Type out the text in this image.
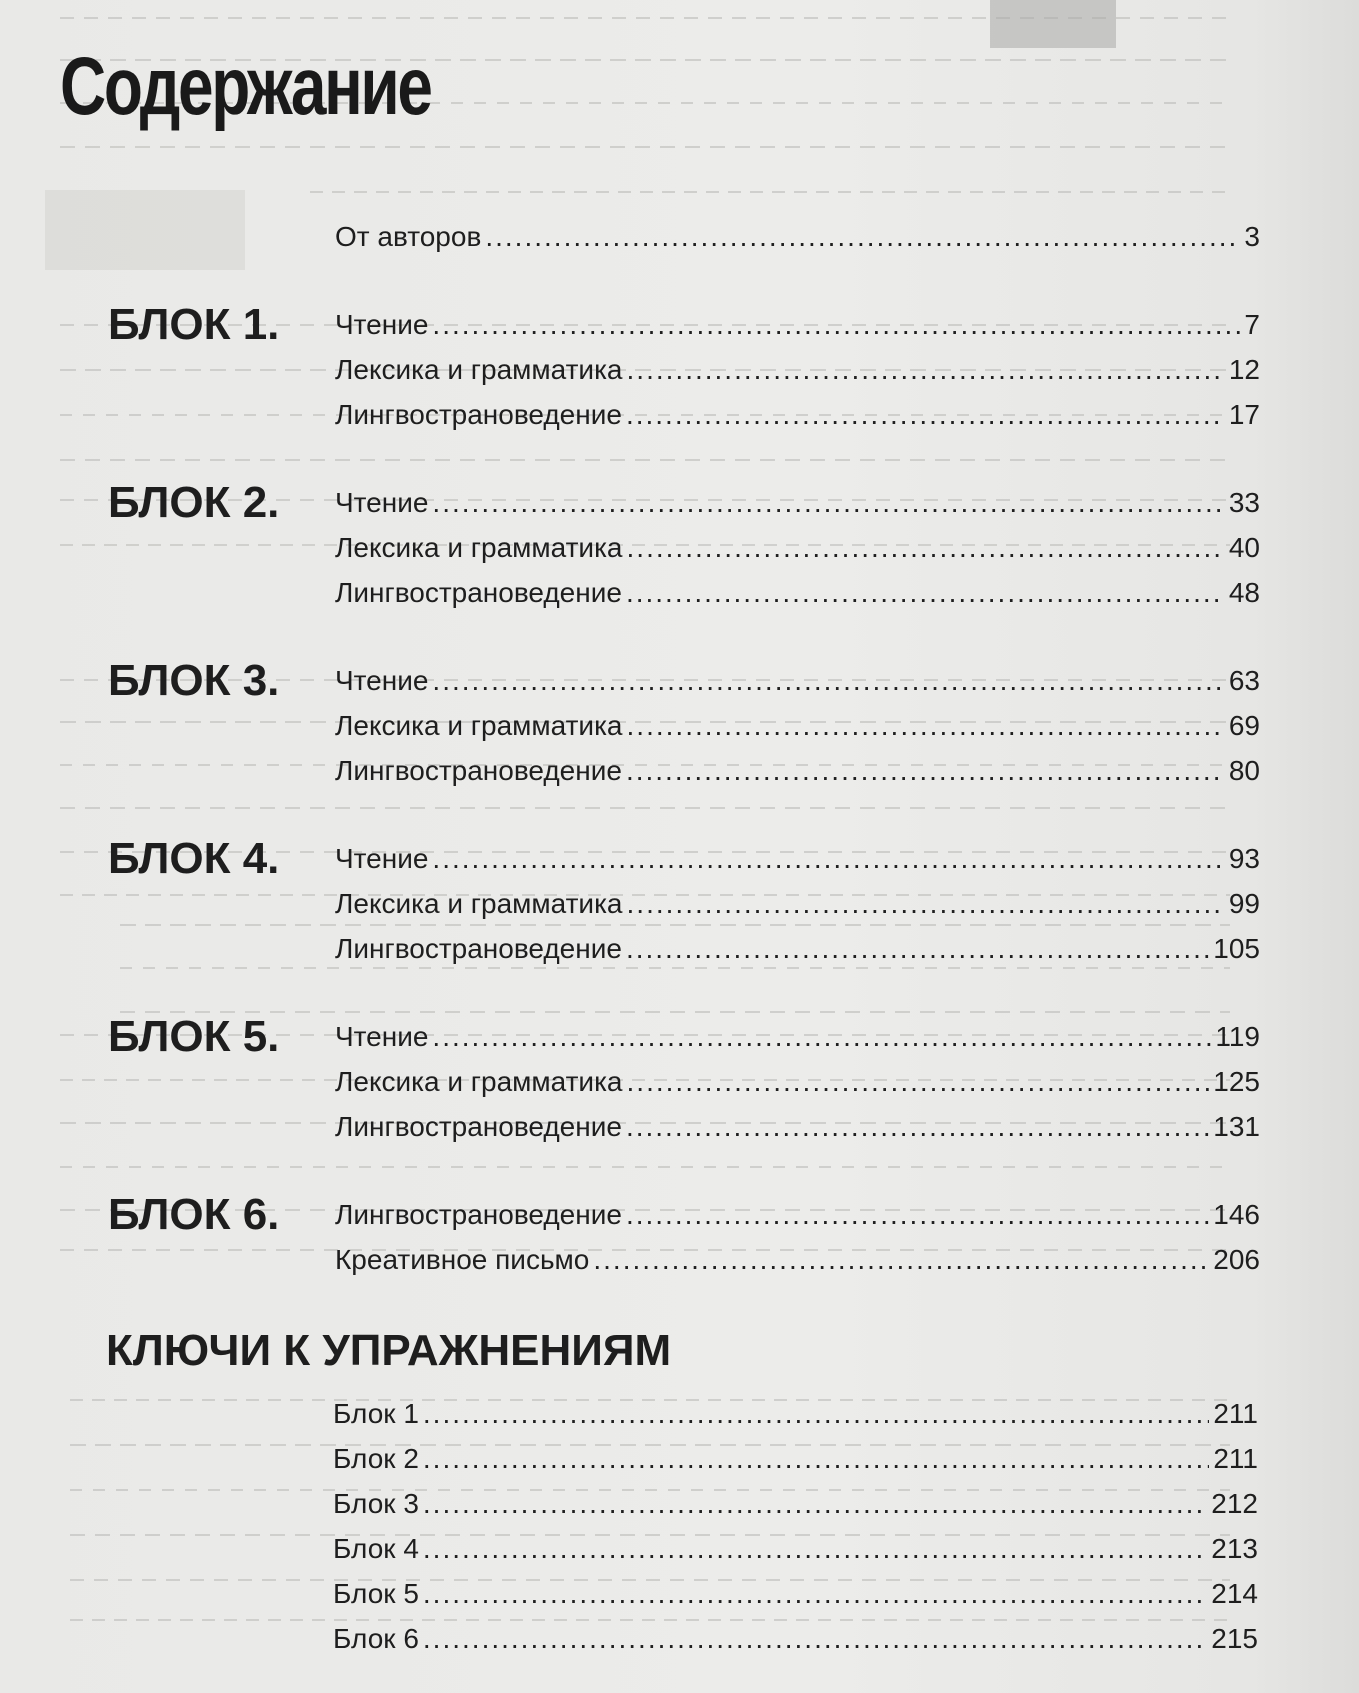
Содержание
От авторов .....	3
БЛОК 1. Чтение .....	7
Лексика и грамматика .....	12
Лингвострановедение .....	17
БЛОК 2. Чтение .....	33
Лексика и грамматика .....	40
Лингвострановедение .....	48
БЛОК 3. Чтение .....	63
Лексика и грамматика .....	69
Лингвострановедение .....	80
БЛОК 4. Чтение .....	93
Лексика и грамматика .....	99
Лингвострановедение .....	105
БЛОК 5. Чтение .....	119
Лексика и грамматика .....	125
Лингвострановедение .....	131
БЛОК 6. Лингвострановедение .....	146
Креативное письмо .....	206
КЛЮЧИ К УПРАЖНЕНИЯМ
Блок 1 .....	211
Блок 2 .....	211
Блок 3 .....	212
Блок 4 .....	213
Блок 5 .....	214
Блок 6 .....	215
